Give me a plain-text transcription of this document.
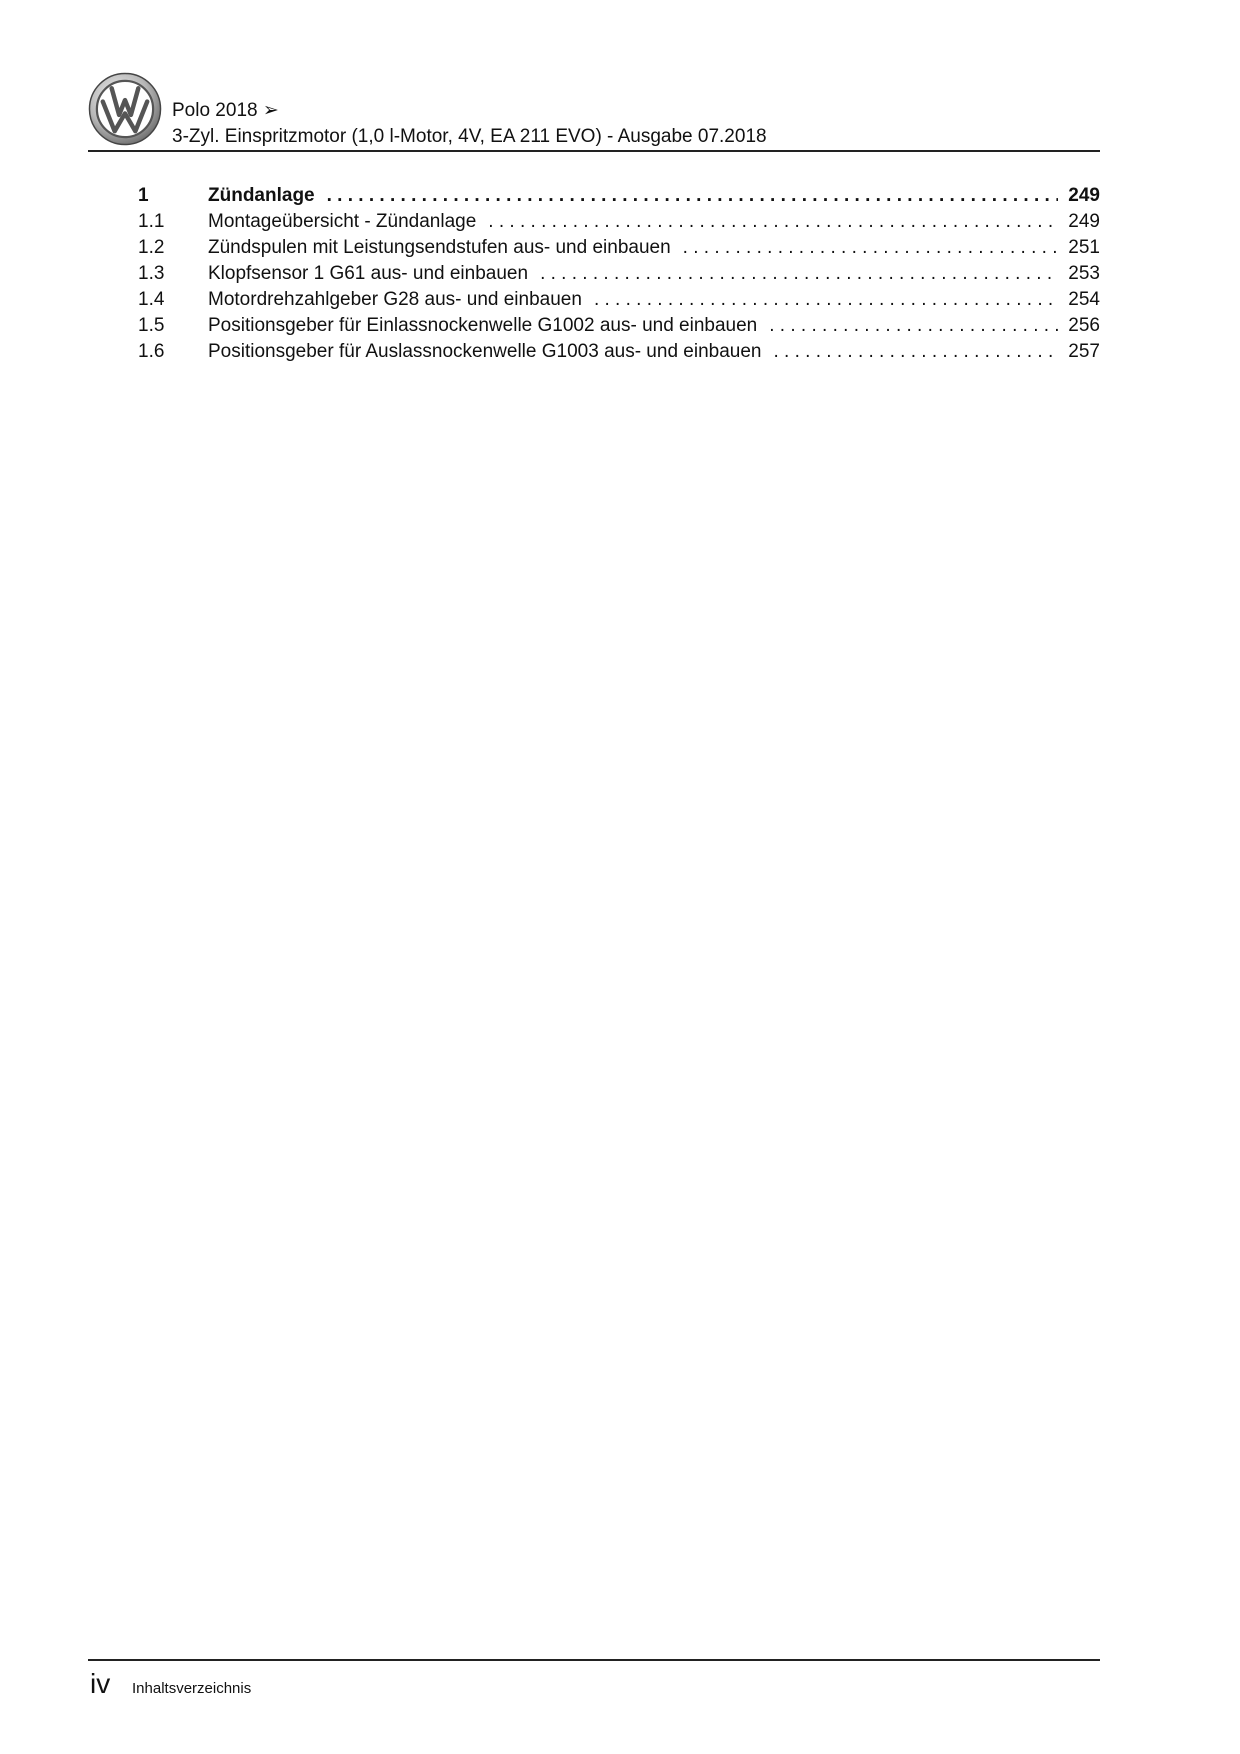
Polo 2018 ➢
3-Zyl. Einspritzmotor (1,0 l-Motor, 4V, EA 211 EVO) - Ausgabe 07.2018
1	Zündanlage . . .	249
1.1	Montageübersicht - Zündanlage . . .	249
1.2	Zündspulen mit Leistungsendstufen aus- und einbauen . . .	251
1.3	Klopfsensor 1 G61 aus- und einbauen . . .	253
1.4	Motordrehzahlgeber G28 aus- und einbauen . . .	254
1.5	Positionsgeber für Einlassnockenwelle G1002 aus- und einbauen . . .	256
1.6	Positionsgeber für Auslassnockenwelle G1003 aus- und einbauen . . .	257
iv Inhaltsverzeichnis
